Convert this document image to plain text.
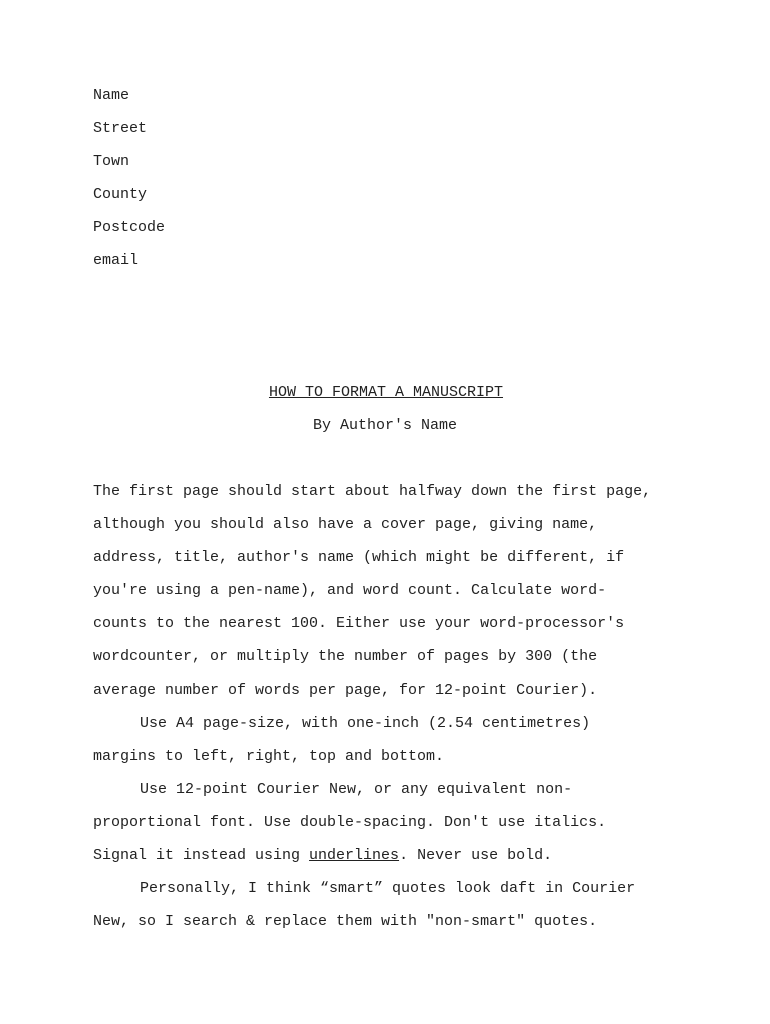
Name
Street
Town
County
Postcode
email
HOW TO FORMAT A MANUSCRIPT
By Author's Name
The first page should start about halfway down the first page,
although you should also have a cover page, giving name,
address, title, author's name (which might be different, if
you're using a pen-name), and word count. Calculate word-
counts to the nearest 100. Either use your word-processor's
wordcounter, or multiply the number of pages by 300 (the
average number of words per page, for 12-point Courier).
Use A4 page-size, with one-inch (2.54 centimetres)
margins to left, right, top and bottom.
Use 12-point Courier New, or any equivalent non-
proportional font. Use double-spacing. Don't use italics.
Signal it instead using underlines. Never use bold.
Personally, I think “smart” quotes look daft in Courier
New, so I search & replace them with "non-smart" quotes.
